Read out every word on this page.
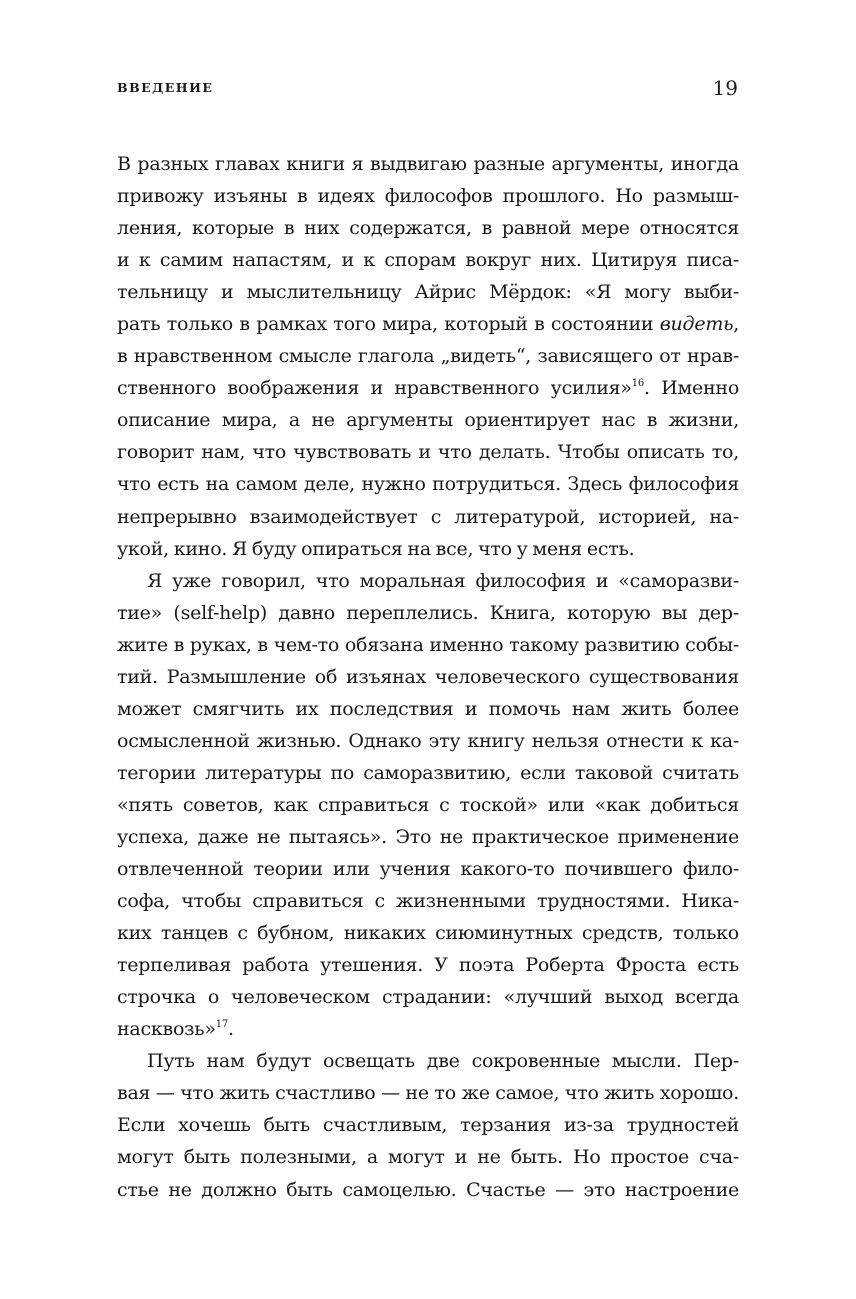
ВВЕДЕНИЕ	19
В разных главах книги я выдвигаю разные аргументы, иногда
привожу изъяны в идеях философов прошлого. Но размыш-
ления, которые в них содержатся, в равной мере относятся
и к самим напастям, и к спорам вокруг них. Цитируя писа-
тельницу и мыслительницу Айрис Мёрдок: «Я могу выби-
рать только в рамках того мира, который в состоянии видеть,
в нравственном смысле глагола „видеть“, зависящего от нрав-
ственного воображения и нравственного усилия»$^{16}$. Именно
описание мира, а не аргументы ориентирует нас в жизни,
говорит нам, что чувствовать и что делать. Чтобы описать то,
что есть на самом деле, нужно потрудиться. Здесь философия
непрерывно взаимодействует с литературой, историей, на-
укой, кино. Я буду опираться на все, что у меня есть.
Я уже говорил, что моральная философия и «саморазви-
тие» (self-help) давно переплелись. Книга, которую вы дер-
жите в руках, в чем-то обязана именно такому развитию собы-
тий. Размышление об изъянах человеческого существования
может смягчить их последствия и помочь нам жить более
осмысленной жизнью. Однако эту книгу нельзя отнести к ка-
тегории литературы по саморазвитию, если таковой считать
«пять советов, как справиться с тоской» или «как добиться
успеха, даже не пытаясь». Это не практическое применение
отвлеченной теории или учения какого-то почившего фило-
софа, чтобы справиться с жизненными трудностями. Ника-
ких танцев с бубном, никаких сиюминутных средств, только
терпеливая работа утешения. У поэта Роберта Фроста есть
строчка о человеческом страдании: «лучший выход всегда
насквозь»$^{17}$.
Путь нам будут освещать две сокровенные мысли. Пер-
вая — что жить счастливо — не то же самое, что жить хорошо.
Если хочешь быть счастливым, терзания из-за трудностей
могут быть полезными, а могут и не быть. Но простое сча-
стье не должно быть самоцелью. Счастье — это настроение
